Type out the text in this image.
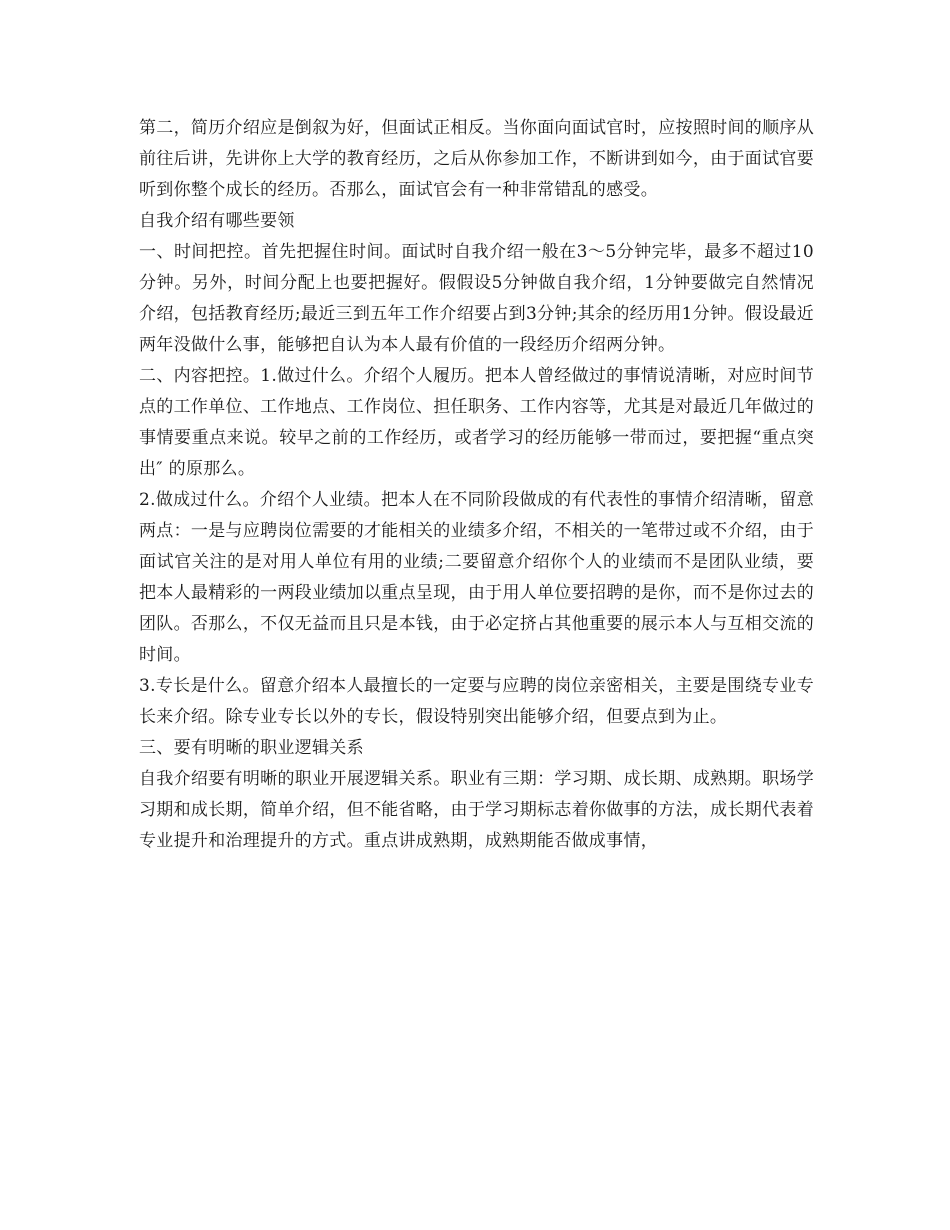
第二，简历介绍应是倒叙为好，但面试正相反。当你面向面试官时，应按照时间的顺序从前往后讲，先讲你上大学的教育经历，之后从你参加工作，不断讲到如今，由于面试官要听到你整个成长的经历。否那么，面试官会有一种非常错乱的感受。

自我介绍有哪些要领

一、时间把控。首先把握住时间。面试时自我介绍一般在3～5分钟完毕，最多不超过10分钟。另外，时间分配上也要把握好。假假设5分钟做自我介绍，1分钟要做完自然情况介绍，包括教育经历;最近三到五年工作介绍要占到3分钟;其余的经历用1分钟。假设最近两年没做什么事，能够把自认为本人最有价值的一段经历介绍两分钟。

二、内容把控。1.做过什么。介绍个人履历。把本人曾经做过的事情说清晰，对应时间节点的工作单位、工作地点、工作岗位、担任职务、工作内容等，尤其是对最近几年做过的事情要重点来说。较早之前的工作经历，或者学习的经历能够一带而过，要把握“重点突出″ 的原那么。

2.做成过什么。介绍个人业绩。把本人在不同阶段做成的有代表性的事情介绍清晰，留意两点：一是与应聘岗位需要的才能相关的业绩多介绍，不相关的一笔带过或不介绍，由于面试官关注的是对用人单位有用的业绩;二要留意介绍你个人的业绩而不是团队业绩，要把本人最精彩的一两段业绩加以重点呈现，由于用人单位要招聘的是你，而不是你过去的团队。否那么，不仅无益而且只是本钱，由于必定挤占其他重要的展示本人与互相交流的时间。

3.专长是什么。留意介绍本人最擅长的一定要与应聘的岗位亲密相关，主要是围绕专业专长来介绍。除专业专长以外的专长，假设特别突出能够介绍，但要点到为止。

三、要有明晰的职业逻辑关系

自我介绍要有明晰的职业开展逻辑关系。职业有三期：学习期、成长期、成熟期。职场学习期和成长期，简单介绍，但不能省略，由于学习期标志着你做事的方法，成长期代表着专业提升和治理提升的方式。重点讲成熟期，成熟期能否做成事情，
